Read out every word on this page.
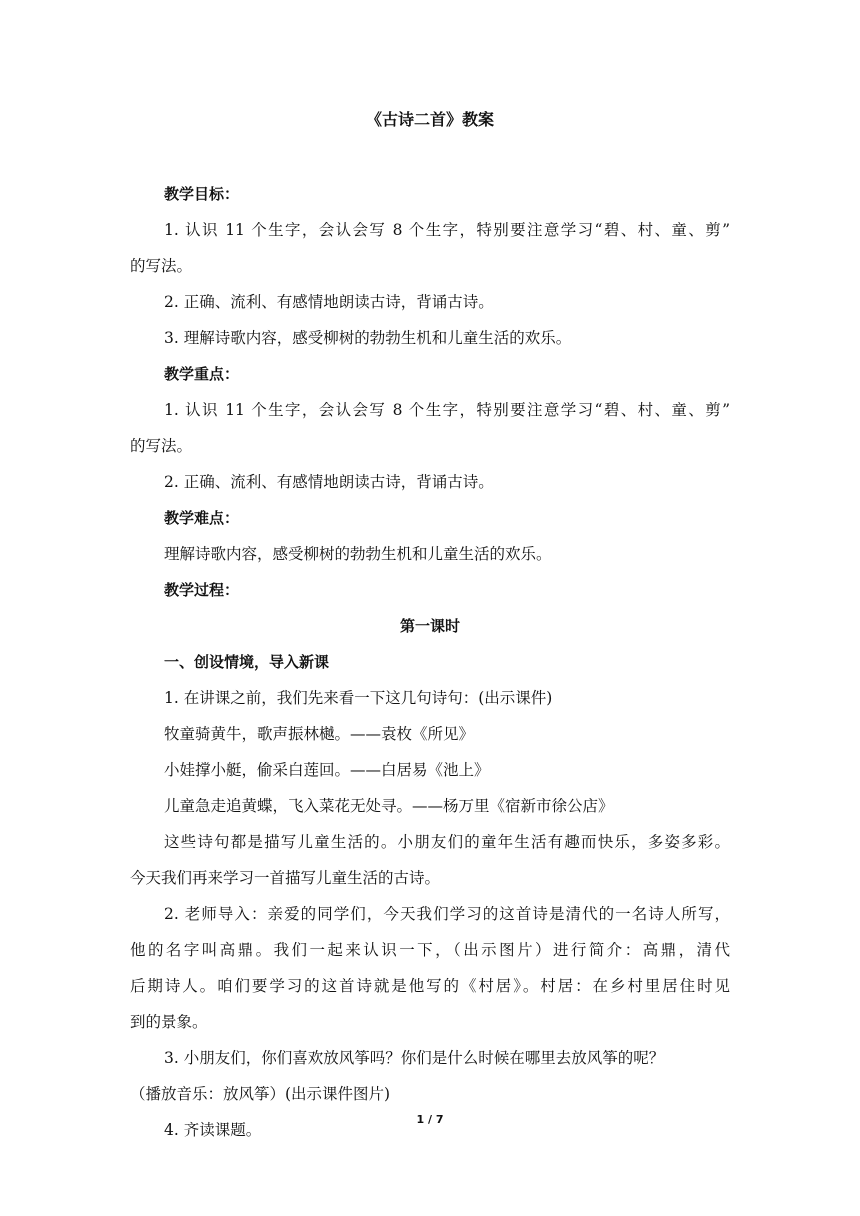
《古诗二首》教案
教学目标：
1. 认识 11 个生字，会认会写 8 个生字，特别要注意学习“碧、村、童、剪”
的写法。
2. 正确、流利、有感情地朗读古诗，背诵古诗。
3. 理解诗歌内容，感受柳树的勃勃生机和儿童生活的欢乐。
教学重点：
1. 认识 11 个生字，会认会写 8 个生字，特别要注意学习“碧、村、童、剪”
的写法。
2. 正确、流利、有感情地朗读古诗，背诵古诗。
教学难点：
理解诗歌内容，感受柳树的勃勃生机和儿童生活的欢乐。
教学过程：
第一课时
一、创设情境，导入新课
1. 在讲课之前，我们先来看一下这几句诗句：(出示课件)
牧童骑黄牛，歌声振林樾。——袁枚《所见》
小娃撑小艇，偷采白莲回。——白居易《池上》
儿童急走追黄蝶，飞入菜花无处寻。——杨万里《宿新市徐公店》
这些诗句都是描写儿童生活的。小朋友们的童年生活有趣而快乐，多姿多彩。
今天我们再来学习一首描写儿童生活的古诗。
2. 老师导入：亲爱的同学们，今天我们学习的这首诗是清代的一名诗人所写，
他的名字叫高鼎。我们一起来认识一下，（出示图片）进行简介：高鼎，清代
后期诗人。咱们要学习的这首诗就是他写的《村居》。村居：在乡村里居住时见
到的景象。
3. 小朋友们，你们喜欢放风筝吗？你们是什么时候在哪里去放风筝的呢？
（播放音乐：放风筝）(出示课件图片)
4. 齐读课题。
1 / 7
